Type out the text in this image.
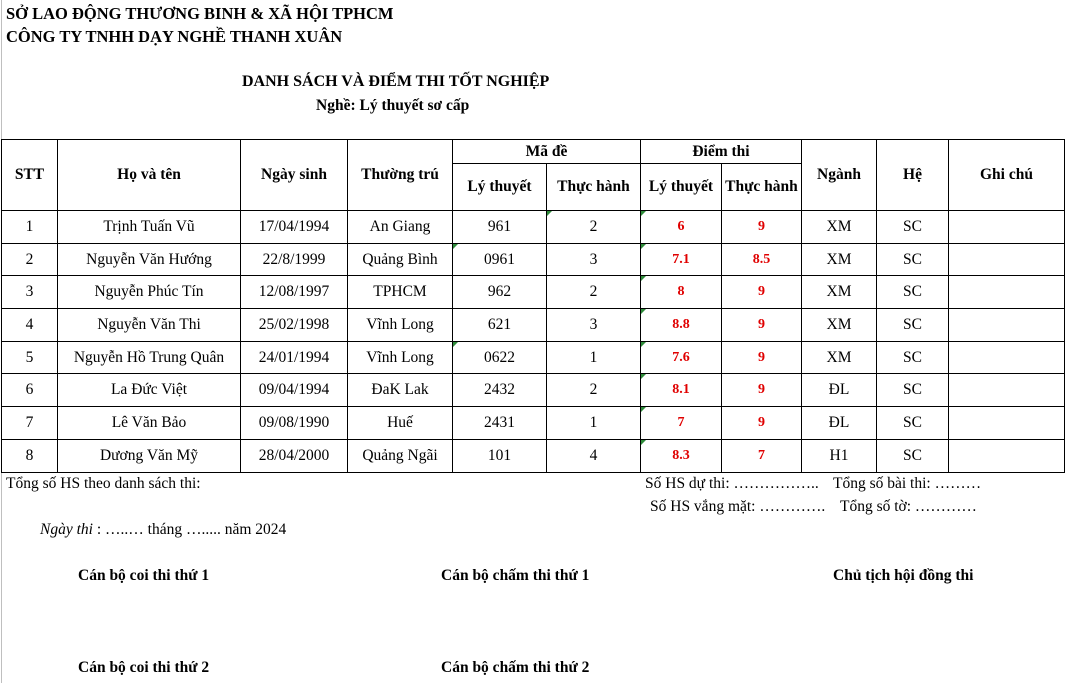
SỞ LAO ĐỘNG THƯƠNG BINH & XÃ HỘI TPHCM
CÔNG TY TNHH DẠY NGHỀ THANH XUÂN
DANH SÁCH VÀ ĐIỂM THI TỐT NGHIỆP
Nghề: Lý thuyết sơ cấp
STT	Họ và tên	Ngày sinh	Thường trú	Mã đề		Điểm thi		Ngành	Hệ	Ghi chú
				Lý thuyết	Thực hành	Lý thuyết	Thực hành			
1	Trịnh Tuấn Vũ	17/04/1994	An Giang	961	2	6	9	XM	SC	
2	Nguyễn Văn Hướng	22/8/1999	Quảng Bình	0961	3	7.1	8.5	XM	SC	
3	Nguyễn Phúc Tín	12/08/1997	TPHCM	962	2	8	9	XM	SC	
4	Nguyễn Văn Thi	25/02/1998	Vĩnh Long	621	3	8.8	9	XM	SC	
5	Nguyễn Hồ Trung Quân	24/01/1994	Vĩnh Long	0622	1	7.6	9	XM	SC	
6	La Đức Việt	09/04/1994	ĐaK Lak	2432	2	8.1	9	ĐL	SC	
7	Lê Văn Bảo	09/08/1990	Huế	2431	1	7	9	ĐL	SC	
8	Dương Văn Mỹ	28/04/2000	Quảng Ngãi	101	4	8.3	7	H1	SC	
Tổng số HS theo danh sách thi:	Số HS dự thi: …………….. Tổng số bài thi: ………
Số HS vắng mặt: …………. Tổng số tờ: …………
Ngày thi : …..… tháng …..... năm 2024
Cán bộ coi thi thứ 1	Cán bộ chấm thi thứ 1	Chủ tịch hội đồng thi
Cán bộ coi thi thứ 2	Cán bộ chấm thi thứ 2
